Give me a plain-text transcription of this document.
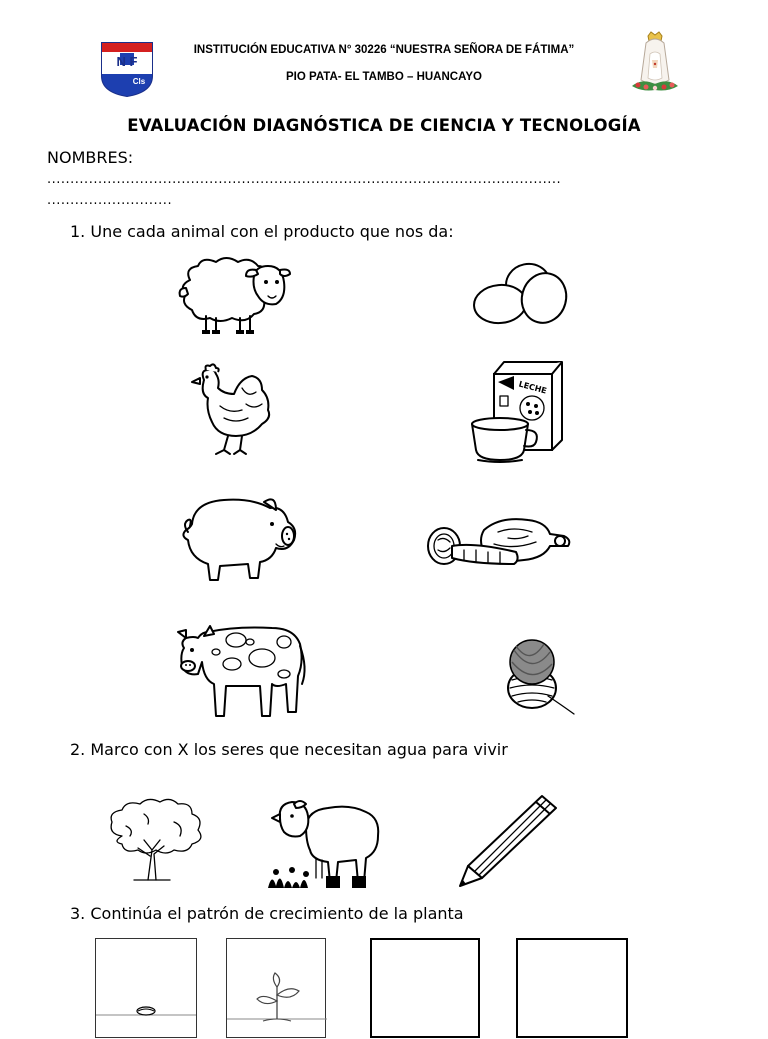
N F
Cls
INSTITUCIÓN EDUCATIVA N° 30226 “NUESTRA SEÑORA DE FÁTIMA”
PIO PATA- EL TAMBO – HUANCAYO
EVALUACIÓN DIAGNÓSTICA DE CIENCIA Y TECNOLOGÍA
NOMBRES:
...............................................................................................................
...........................
1. Une cada animal con el producto que nos da:
LECHE
2. Marco con X los seres que necesitan agua para vivir
3. Continúa el patrón de crecimiento de la planta
